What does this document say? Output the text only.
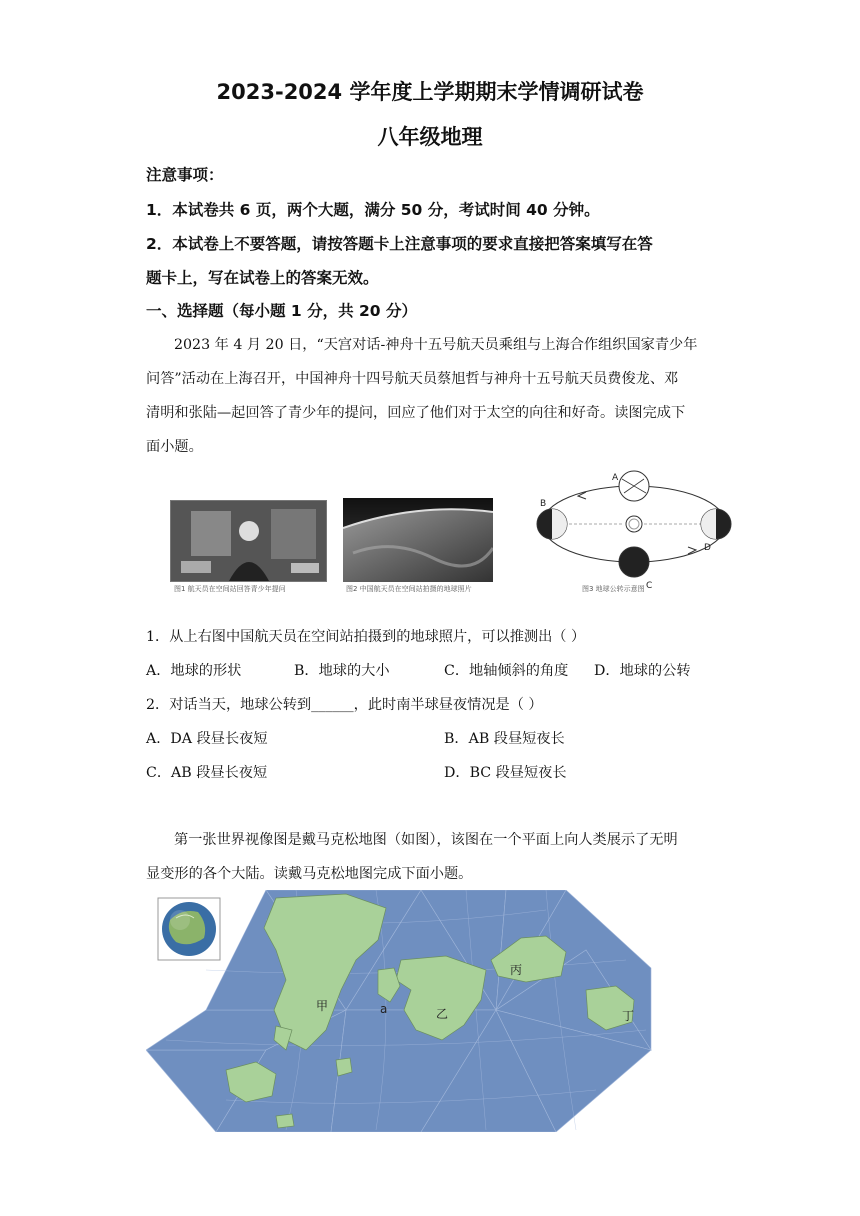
2023-2024 学年度上学期期末学情调研试卷
八年级地理
注意事项：
1．本试卷共 6 页，两个大题，满分 50 分，考试时间 40 分钟。
2．本试卷上不要答题，请按答题卡上注意事项的要求直接把答案填写在答
题卡上，写在试卷上的答案无效。
一、选择题（每小题 1 分，共 20 分）
2023 年 4 月 20 日，“天宫对话-神舟十五号航天员乘组与上海合作组织国家青少年
问答”活动在上海召开，中国神舟十四号航天员蔡旭哲与神舟十五号航天员费俊龙、邓
清明和张陆—起回答了青少年的提问，回应了他们对于太空的向往和好奇。读图完成下
面小题。
图1 航天员在空间站回答青少年提问	图2 中国航天员在空间站拍摄的地球照片
A
B
C
D
图3 地球公转示意图
1．从上右图中国航天员在空间站拍摄到的地球照片，可以推测出（ ）
A．地球的形状	B．地球的大小	C．地轴倾斜的角度 D．地球的公转
2．对话当天，地球公转到______，此时南半球昼夜情况是（ ）
A．DA 段昼长夜短	B．AB 段昼短夜长
C．AB 段昼长夜短	D．BC 段昼短夜长
第一张世界视像图是戴马克松地图（如图），该图在一个平面上向人类展示了无明
显变形的各个大陆。读戴马克松地图完成下面小题。
甲	a	乙
丙
丁
